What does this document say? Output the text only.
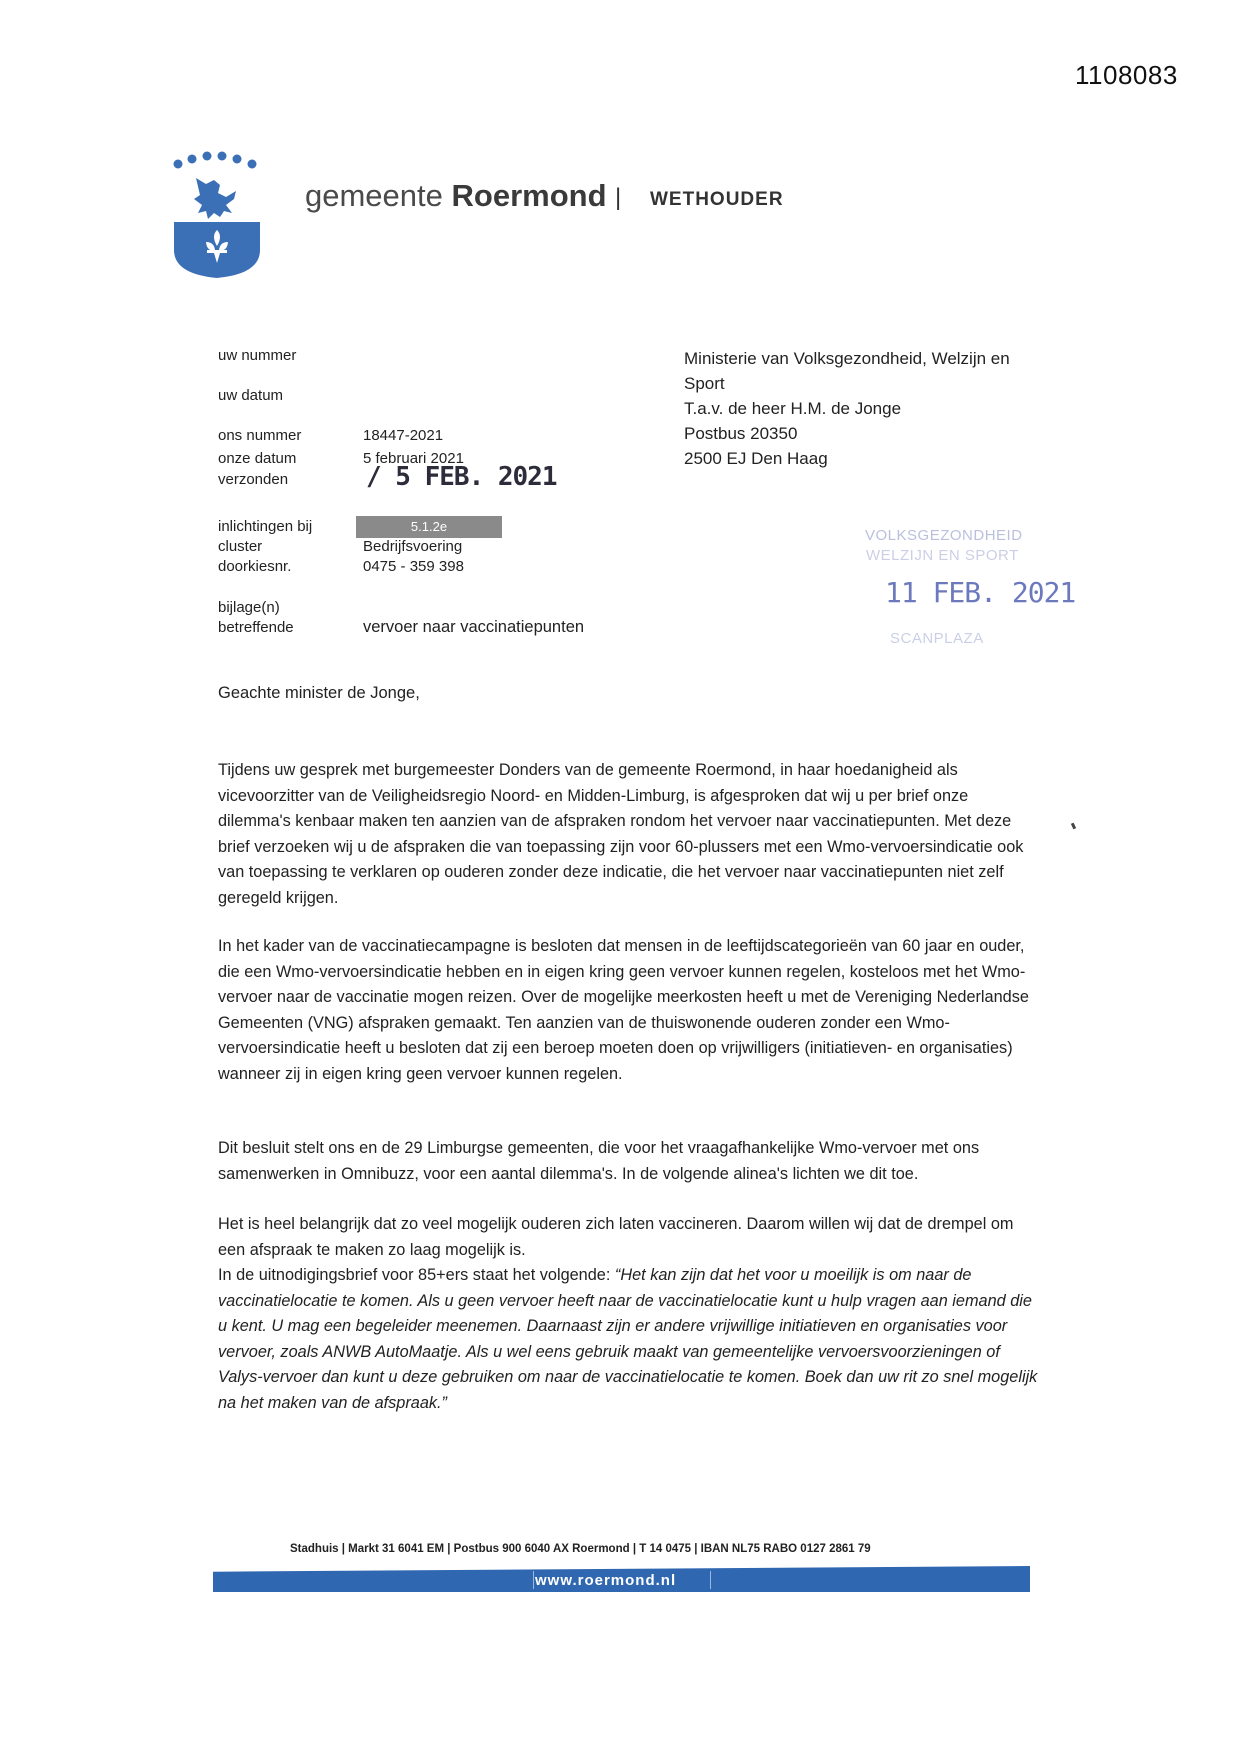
1108083
gemeente Roermond | WETHOUDER
uw nummer
uw datum
ons nummer	18447-2021
onze datum	5 februari 2021
verzonden	/ 5 FEB. 2021
inlichtingen bij	5.1.2e
cluster	Bedrijfsvoering
doorkiesnr.	0475 - 359 398
bijlage(n)
betreffende	vervoer naar vaccinatiepunten
Ministerie van Volksgezondheid, Welzijn en
Sport
T.a.v. de heer H.M. de Jonge
Postbus 20350
2500 EJ Den Haag
VOLKSGEZONDHEID
WELZIJN EN SPORT
11 FEB. 2021
SCANPLAZA
Geachte minister de Jonge,

Tijdens uw gesprek met burgemeester Donders van de gemeente Roermond, in haar hoedanigheid als vicevoorzitter van de Veiligheidsregio Noord- en Midden-Limburg, is afgesproken dat wij u per brief onze dilemma's kenbaar maken ten aanzien van de afspraken rondom het vervoer naar vaccinatiepunten. Met deze brief verzoeken wij u de afspraken die van toepassing zijn voor 60-plussers met een Wmo-vervoersindicatie ook van toepassing te verklaren op ouderen zonder deze indicatie, die het vervoer naar vaccinatiepunten niet zelf geregeld krijgen.

In het kader van de vaccinatiecampagne is besloten dat mensen in de leeftijdscategorieën van 60 jaar en ouder, die een Wmo-vervoersindicatie hebben en in eigen kring geen vervoer kunnen regelen, kosteloos met het Wmo- vervoer naar de vaccinatie mogen reizen. Over de mogelijke meerkosten heeft u met de Vereniging Nederlandse Gemeenten (VNG) afspraken gemaakt. Ten aanzien van de thuiswonende ouderen zonder een Wmo-vervoersindicatie heeft u besloten dat zij een beroep moeten doen op vrijwilligers (initiatieven- en organisaties) wanneer zij in eigen kring geen vervoer kunnen regelen.

Dit besluit stelt ons en de 29 Limburgse gemeenten, die voor het vraagafhankelijke Wmo-vervoer met ons samenwerken in Omnibuzz, voor een aantal dilemma's. In de volgende alinea's lichten we dit toe.

Het is heel belangrijk dat zo veel mogelijk ouderen zich laten vaccineren. Daarom willen wij dat de drempel om een afspraak te maken zo laag mogelijk is.

In de uitnodigingsbrief voor 85+ers staat het volgende: “Het kan zijn dat het voor u moeilijk is om naar de vaccinatielocatie te komen. Als u geen vervoer heeft naar de vaccinatielocatie kunt u hulp vragen aan iemand die u kent. U mag een begeleider meenemen. Daarnaast zijn er andere vrijwillige initiatieven en organisaties voor vervoer, zoals ANWB AutoMaatje. Als u wel eens gebruik maakt van gemeentelijke vervoersvoorzieningen of Valys-vervoer dan kunt u deze gebruiken om naar de vaccinatielocatie te komen. Boek dan uw rit zo snel mogelijk na het maken van de afspraak.”

Stadhuis | Markt 31 6041 EM | Postbus 900 6040 AX Roermond | T 14 0475 | IBAN NL75 RABO 0127 2861 79
www.roermond.nl
